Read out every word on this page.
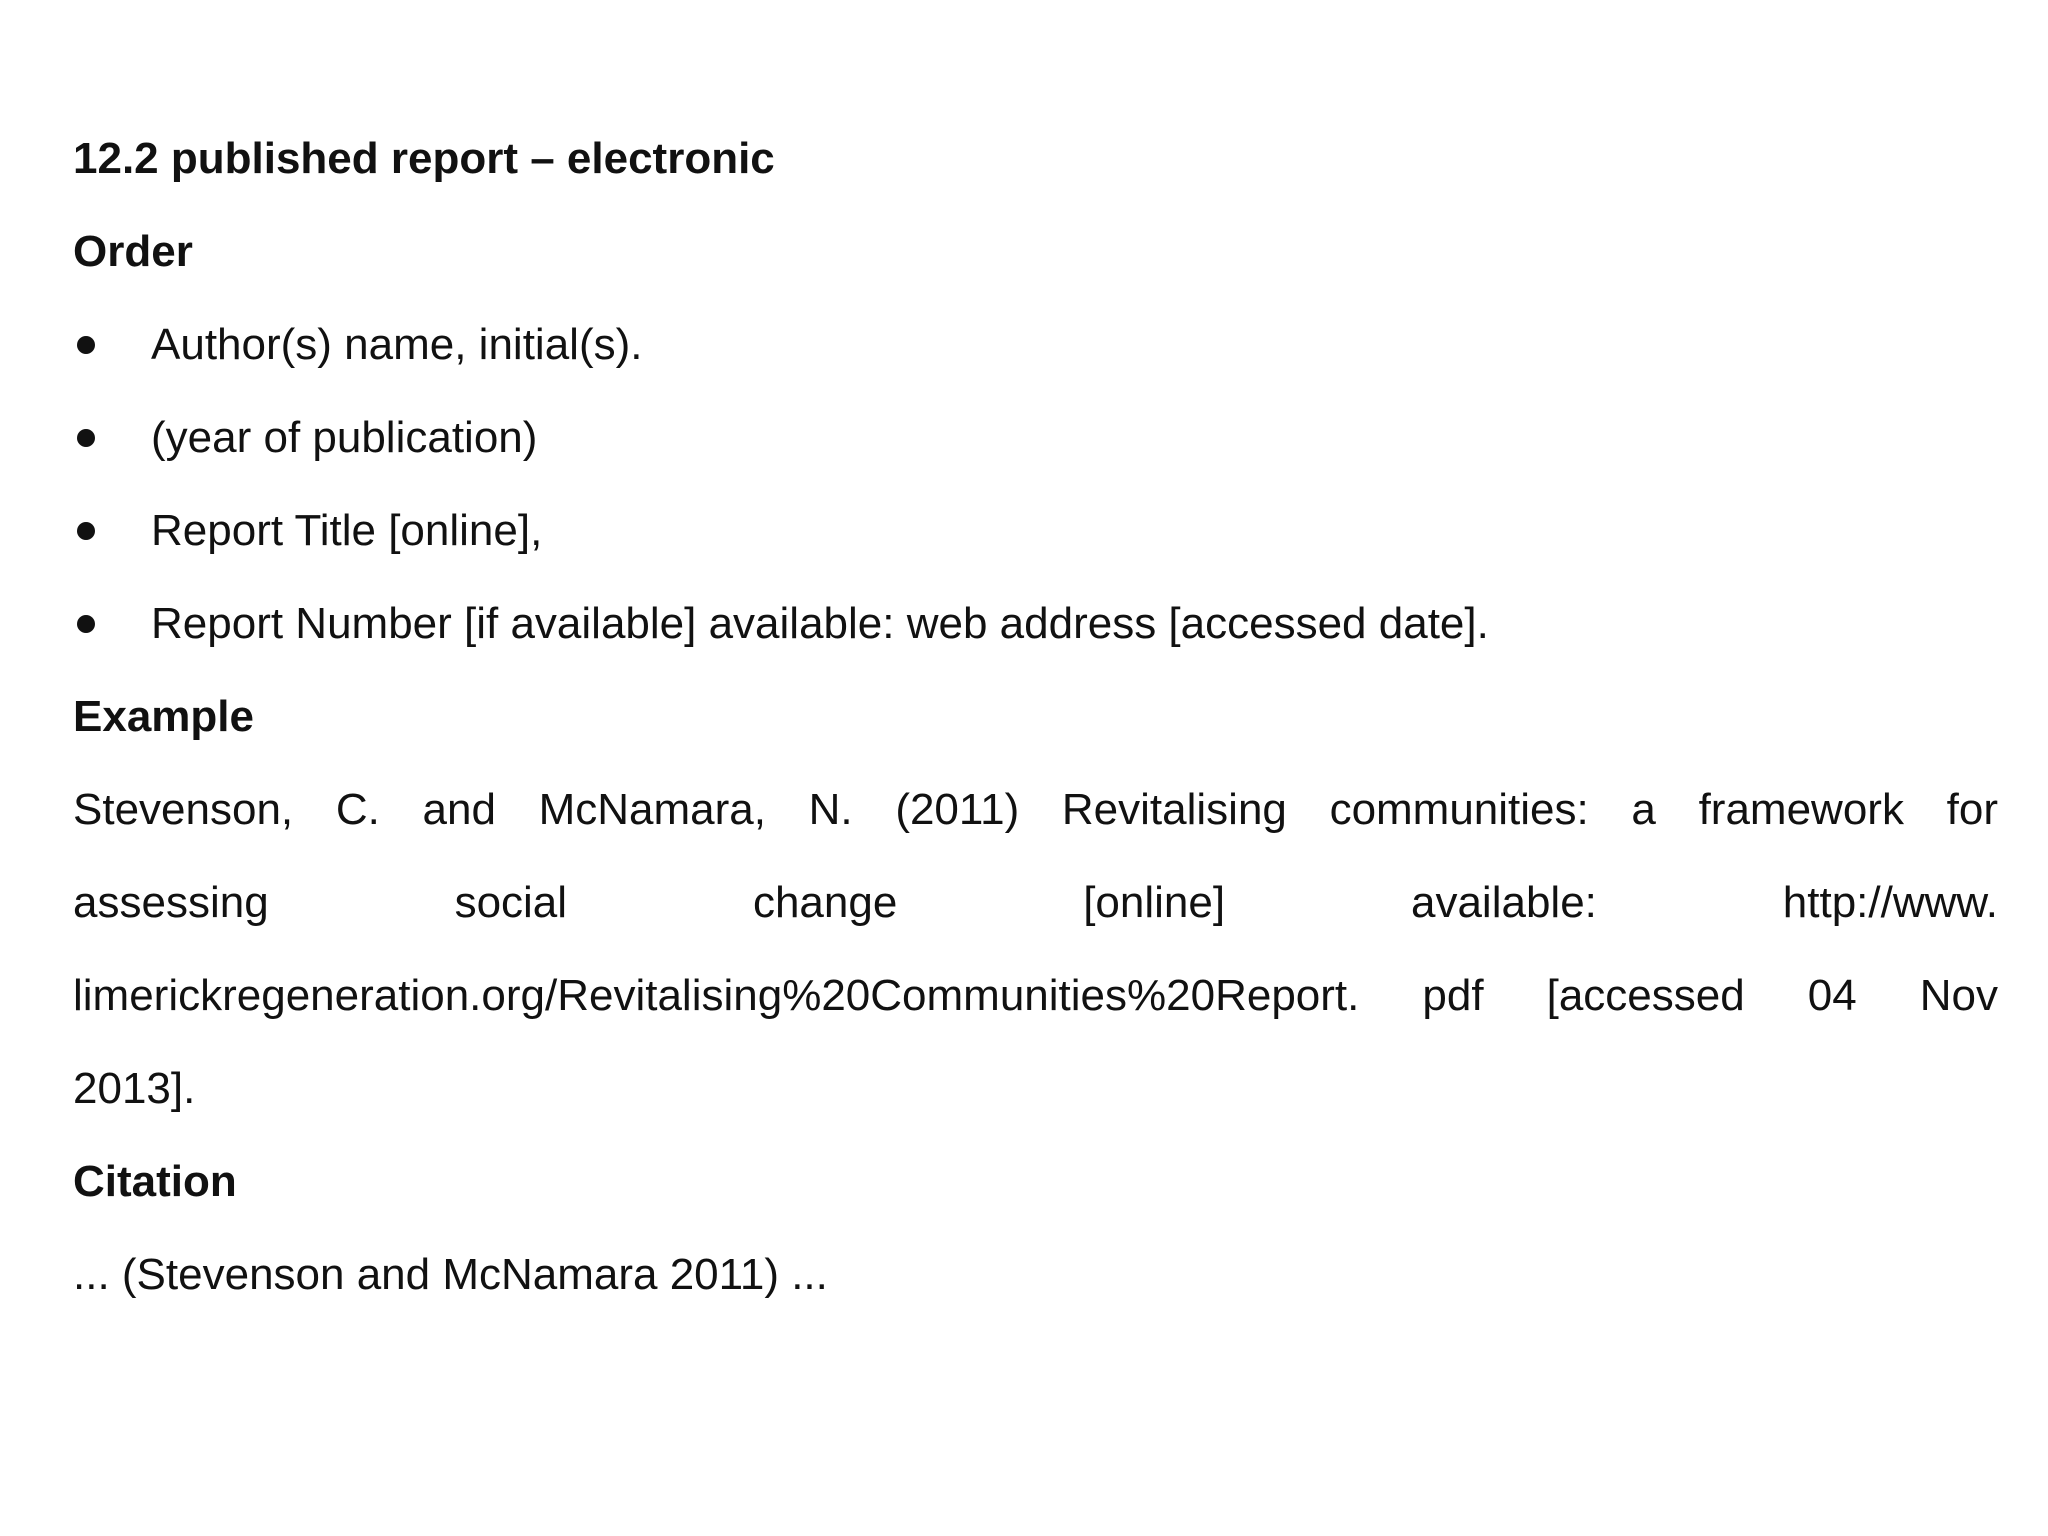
12.2 published report – electronic
Order
Author(s) name, initial(s).
(year of publication)
Report Title [online],
Report Number [if available] available: web address [accessed date].
Example
Stevenson, C. and McNamara, N. (2011) Revitalising communities: a framework for
assessing	social	change	[online]	available:	http://www.
limerickregeneration.org/Revitalising%20Communities%20Report. pdf [accessed 04 Nov
2013].
Citation

... (Stevenson and McNamara 2011) ...
